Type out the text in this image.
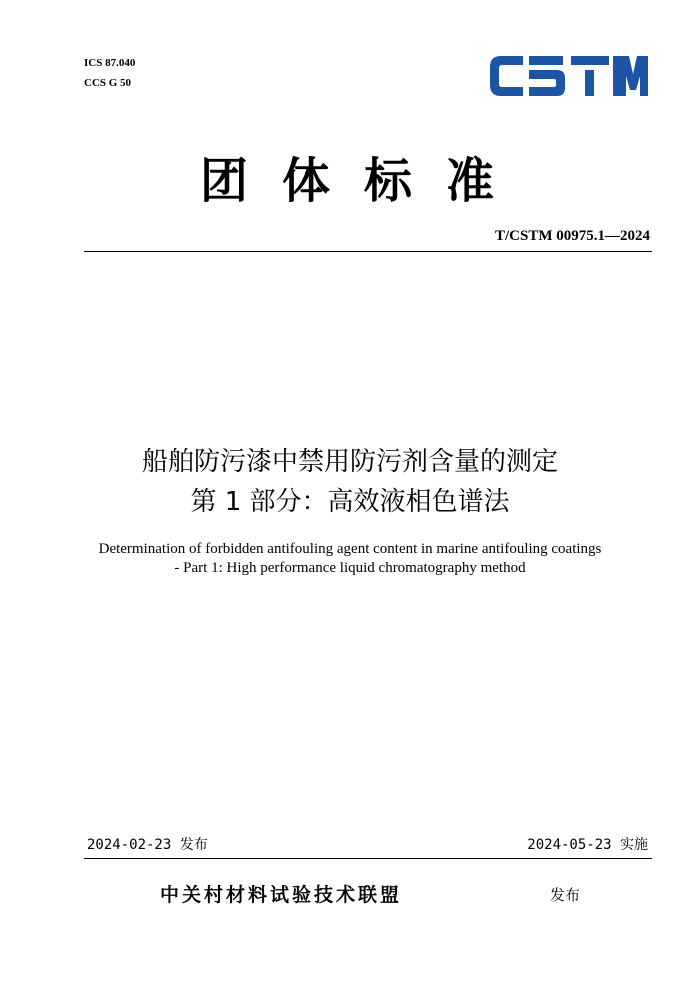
ICS 87.040
CCS G 50
团体标准
T/CSTM 00975.1—2024
船舶防污漆中禁用防污剂含量的测定
第 1 部分：高效液相色谱法
Determination of forbidden antifouling agent content in marine antifouling coatings
- Part 1: High performance liquid chromatography method
2024-02-23 发布	2024-05-23 实施
中关村材料试验技术联盟	发布
